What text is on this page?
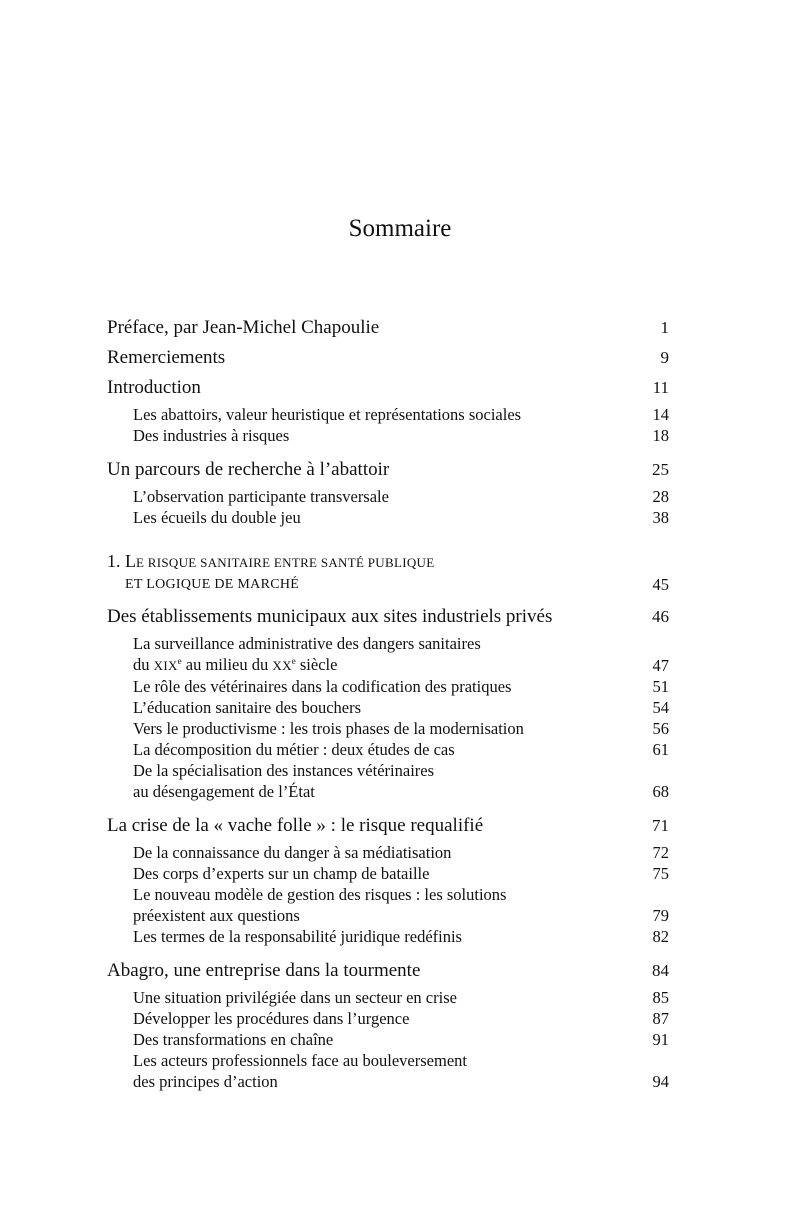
Sommaire
Préface, par Jean-Michel Chapoulie	1
Remerciements	9
Introduction	11
Les abattoirs, valeur heuristique et représentations sociales	14
Des industries à risques	18
Un parcours de recherche à l’abattoir	25
L’observation participante transversale	28
Les écueils du double jeu	38
1. LE RISQUE SANITAIRE ENTRE SANTÉ PUBLIQUE
ET LOGIQUE DE MARCHÉ	45
Des établissements municipaux aux sites industriels privés	46
La surveillance administrative des dangers sanitaires
du XIXe au milieu du XXe siècle	47
Le rôle des vétérinaires dans la codification des pratiques	51
L’éducation sanitaire des bouchers	54
Vers le productivisme : les trois phases de la modernisation	56
La décomposition du métier : deux études de cas	61
De la spécialisation des instances vétérinaires
au désengagement de l’État	68
La crise de la « vache folle » : le risque requalifié	71
De la connaissance du danger à sa médiatisation	72
Des corps d’experts sur un champ de bataille	75
Le nouveau modèle de gestion des risques : les solutions
préexistent aux questions	79
Les termes de la responsabilité juridique redéfinis	82
Abagro, une entreprise dans la tourmente	84
Une situation privilégiée dans un secteur en crise	85
Développer les procédures dans l’urgence	87
Des transformations en chaîne	91
Les acteurs professionnels face au bouleversement
des principes d’action	94
